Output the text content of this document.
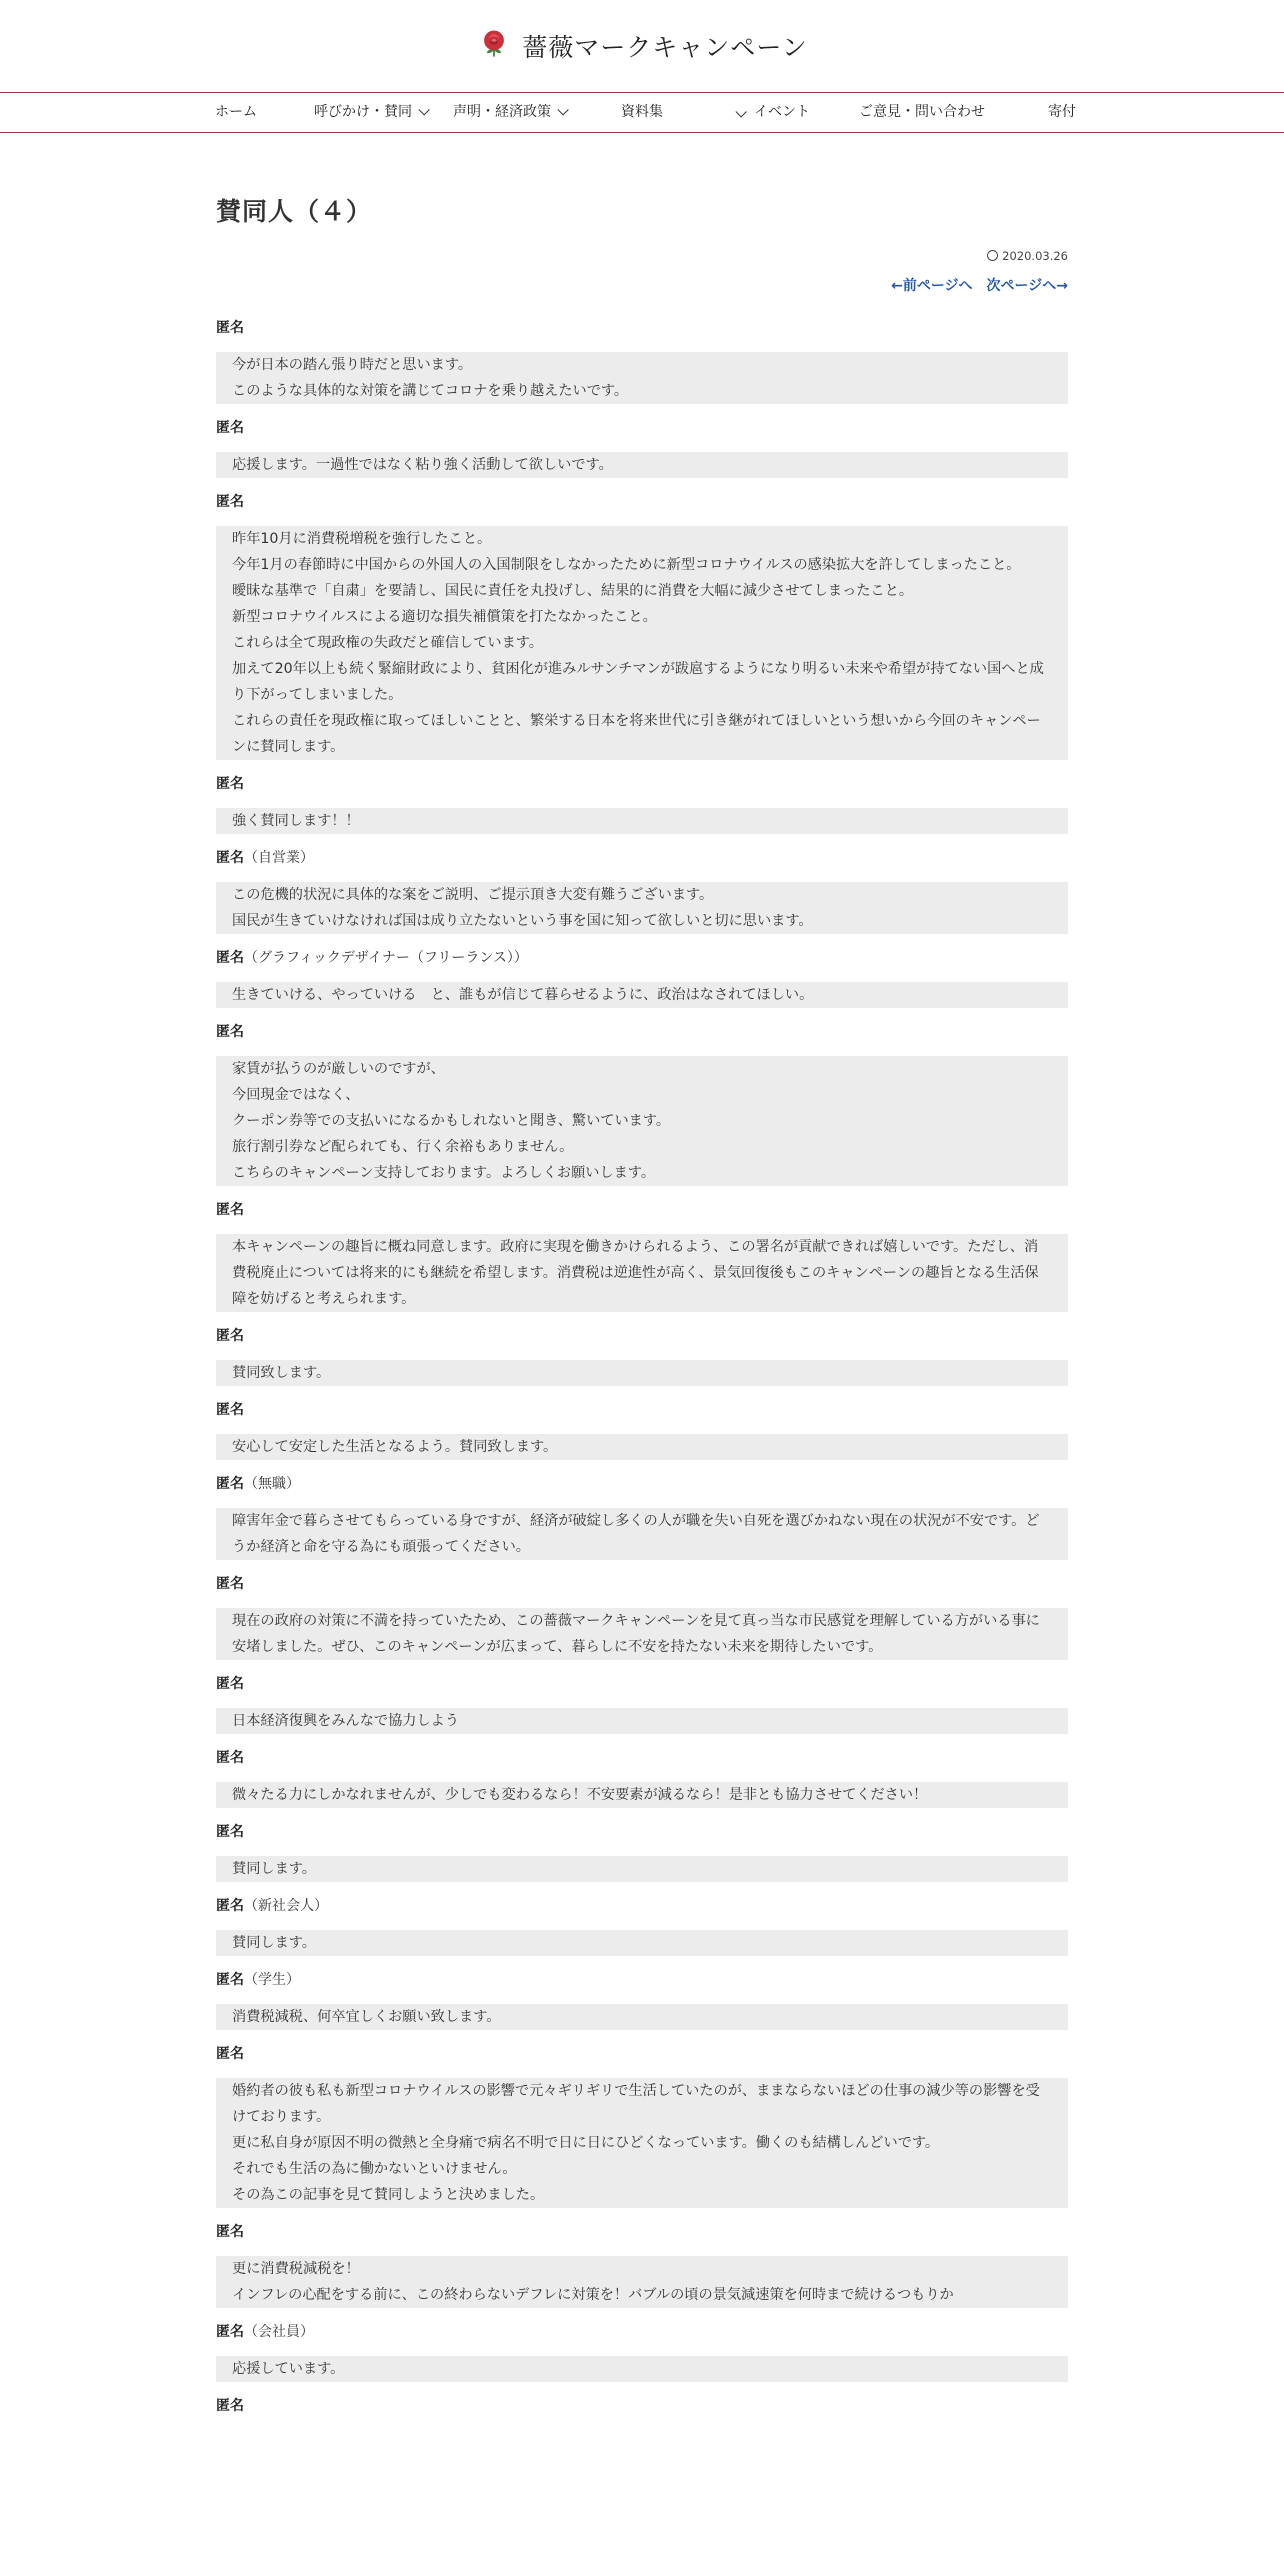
薔薇マークキャンペーン
ホーム	呼びかけ・賛同	声明・経済政策	資料集	イベント	ご意見・問い合わせ	寄付
賛同人（４）
2020.03.26
←前ページへ 次ページへ→
匿名

今が日本の踏ん張り時だと思います。

このような具体的な対策を講じてコロナを乗り越えたいです。

匿名

応援します。一過性ではなく粘り強く活動して欲しいです。

匿名

昨年10月に消費税増税を強行したこと。

今年1月の春節時に中国からの外国人の入国制限をしなかったために新型コロナウイルスの感染拡大を許してしまったこと。

曖昧な基準で「自粛」を要請し、国民に責任を丸投げし、結果的に消費を大幅に減少させてしまったこと。

新型コロナウイルスによる適切な損失補償策を打たなかったこと。

これらは全て現政権の失政だと確信しています。

加えて20年以上も続く緊縮財政により、貧困化が進みルサンチマンが跋扈するようになり明るい未来や希望が持てない国へと成り下がってしまいました。

これらの責任を現政権に取ってほしいことと、繁栄する日本を将来世代に引き継がれてほしいという想いから今回のキャンペーンに賛同します。

匿名

強く賛同します！！

匿名（自営業）

この危機的状況に具体的な案をご説明、ご提示頂き大変有難うございます。

国民が生きていけなければ国は成り立たないという事を国に知って欲しいと切に思います。

匿名（グラフィックデザイナー（フリーランス））

生きていける、やっていける　と、誰もが信じて暮らせるように、政治はなされてほしい。

匿名

家賃が払うのが厳しいのですが、

今回現金ではなく、

クーポン券等での支払いになるかもしれないと聞き、驚いています。

旅行割引券など配られても、行く余裕もありません。

こちらのキャンペーン支持しております。よろしくお願いします。

匿名

本キャンペーンの趣旨に概ね同意します。政府に実現を働きかけられるよう、この署名が貢献できれば嬉しいです。ただし、消費税廃止については将来的にも継続を希望します。消費税は逆進性が高く、景気回復後もこのキャンペーンの趣旨となる生活保障を妨げると考えられます。

匿名

賛同致します。

匿名

安心して安定した生活となるよう。賛同致します。

匿名（無職）

障害年金で暮らさせてもらっている身ですが、経済が破綻し多くの人が職を失い自死を選びかねない現在の状況が不安です。どうか経済と命を守る為にも頑張ってください。

匿名

現在の政府の対策に不満を持っていたため、この薔薇マークキャンペーンを見て真っ当な市民感覚を理解している方がいる事に安堵しました。ぜひ、このキャンペーンが広まって、暮らしに不安を持たない未来を期待したいです。

匿名

日本経済復興をみんなで協力しよう

匿名

微々たる力にしかなれませんが、少しでも変わるなら！不安要素が減るなら！是非とも協力させてください！

匿名

賛同します。

匿名（新社会人）

賛同します。

匿名（学生）

消費税減税、何卒宜しくお願い致します。

匿名

婚約者の彼も私も新型コロナウイルスの影響で元々ギリギリで生活していたのが、ままならないほどの仕事の減少等の影響を受けております。

更に私自身が原因不明の微熱と全身痛で病名不明で日に日にひどくなっています。働くのも結構しんどいです。

それでも生活の為に働かないといけません。

その為この記事を見て賛同しようと決めました。

匿名

更に消費税減税を！

インフレの心配をする前に、この終わらないデフレに対策を！バブルの頃の景気減速策を何時まで続けるつもりか

匿名（会社員）

応援しています。

匿名
